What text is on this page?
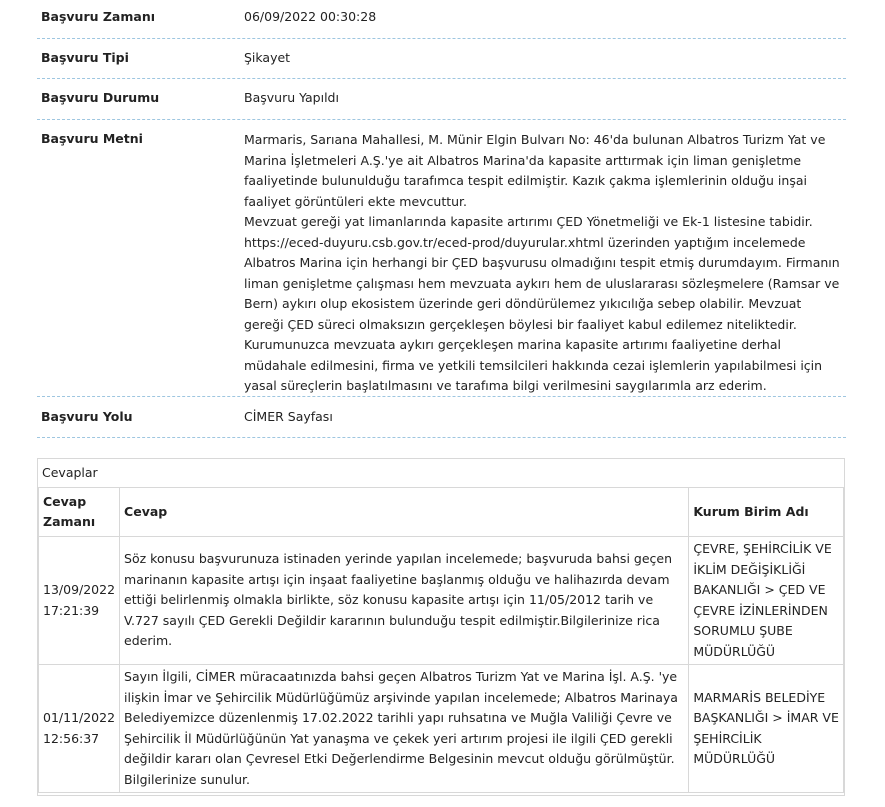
Başvuru Zamanı	06/09/2022 00:30:28
Başvuru Tipi	Şikayet
Başvuru Durumu	Başvuru Yapıldı
Başvuru Metni	Marmaris, Sarıana Mahallesi, M. Münir Elgin Bulvarı No: 46'da bulunan Albatros Turizm Yat ve Marina İşletmeleri A.Ş.'ye ait Albatros Marina'da kapasite arttırmak için liman genişletme faaliyetinde bulunulduğu tarafımca tespit edilmiştir. Kazık çakma işlemlerinin olduğu inşai faaliyet görüntüleri ekte mevcuttur.
Mevzuat gereği yat limanlarında kapasite artırımı ÇED Yönetmeliği ve Ek-1 listesine tabidir. https://eced-duyuru.csb.gov.tr/eced-prod/duyurular.xhtml üzerinden yaptığım incelemede Albatros Marina için herhangi bir ÇED başvurusu olmadığını tespit etmiş durumdayım. Firmanın liman genişletme çalışması hem mevzuata aykırı hem de uluslararası sözleşmelere (Ramsar ve Bern) aykırı olup ekosistem üzerinde geri döndürülemez yıkıcılığa sebep olabilir. Mevzuat gereği ÇED süreci olmaksızın gerçekleşen böylesi bir faaliyet kabul edilemez niteliktedir.
Kurumunuzca mevzuata aykırı gerçekleşen marina kapasite artırımı faaliyetine derhal müdahale edilmesini, firma ve yetkili temsilcileri hakkında cezai işlemlerin yapılabilmesi için yasal süreçlerin başlatılmasını ve tarafıma bilgi verilmesini saygılarımla arz ederim.
Başvuru Yolu	CİMER Sayfası
Cevaplar
Cevap Zamanı	Cevap	Kurum Birim Adı
13/09/2022 17:21:39	Söz konusu başvurunuza istinaden yerinde yapılan incelemede; başvuruda bahsi geçen marinanın kapasite artışı için inşaat faaliyetine başlanmış olduğu ve halihazırda devam ettiği belirlenmiş olmakla birlikte, söz konusu kapasite artışı için 11/05/2012 tarih ve V.727 sayılı ÇED Gerekli Değildir kararının bulunduğu tespit edilmiştir.Bilgilerinize rica ederim.	ÇEVRE, ŞEHİRCİLİK VE İKLİM DEĞİŞİKLİĞİ BAKANLIĞI > ÇED VE ÇEVRE İZİNLERİNDEN SORUMLU ŞUBE MÜDÜRLÜĞÜ
01/11/2022 12:56:37	Sayın İlgili, CİMER müracaatınızda bahsi geçen Albatros Turizm Yat ve Marina İşl. A.Ş. 'ye ilişkin İmar ve Şehircilik Müdürlüğümüz arşivinde yapılan incelemede; Albatros Marinaya Belediyemizce düzenlenmiş 17.02.2022 tarihli yapı ruhsatına ve Muğla Valiliği Çevre ve Şehircilik İl Müdürlüğünün Yat yanaşma ve çekek yeri artırım projesi ile ilgili ÇED gerekli değildir kararı olan Çevresel Etki Değerlendirme Belgesinin mevcut olduğu görülmüştür. Bilgilerinize sunulur.	MARMARİS BELEDİYE BAŞKANLIĞI > İMAR VE ŞEHİRCİLİK MÜDÜRLÜĞÜ
